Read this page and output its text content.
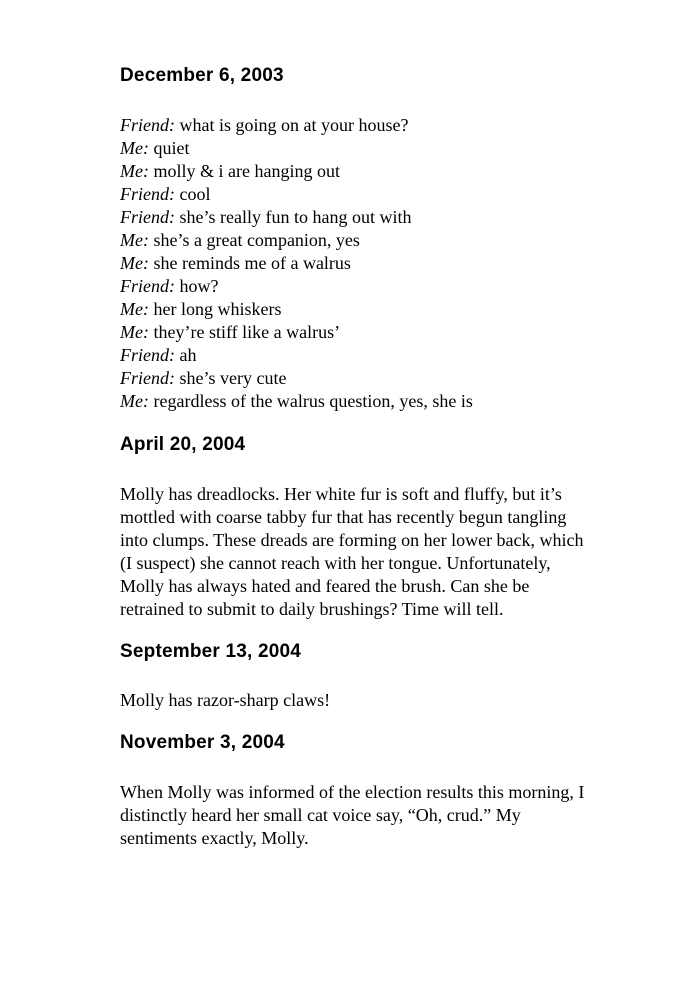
December 6, 2003
Friend: what is going on at your house?
Me: quiet
Me: molly & i are hanging out
Friend: cool
Friend: she’s really fun to hang out with
Me: she’s a great companion, yes
Me: she reminds me of a walrus
Friend: how?
Me: her long whiskers
Me: they’re stiff like a walrus’
Friend: ah
Friend: she’s very cute
Me: regardless of the walrus question, yes, she is
April 20, 2004
Molly has dreadlocks. Her white fur is soft and fluffy, but it’s
mottled with coarse tabby fur that has recently begun tangling
into clumps. These dreads are forming on her lower back, which
(I suspect) she cannot reach with her tongue. Unfortunately,
Molly has always hated and feared the brush. Can she be
retrained to submit to daily brushings? Time will tell.
September 13, 2004
Molly has razor-sharp claws!
November 3, 2004
When Molly was informed of the election results this morning, I
distinctly heard her small cat voice say, “Oh, crud.” My
sentiments exactly, Molly.
